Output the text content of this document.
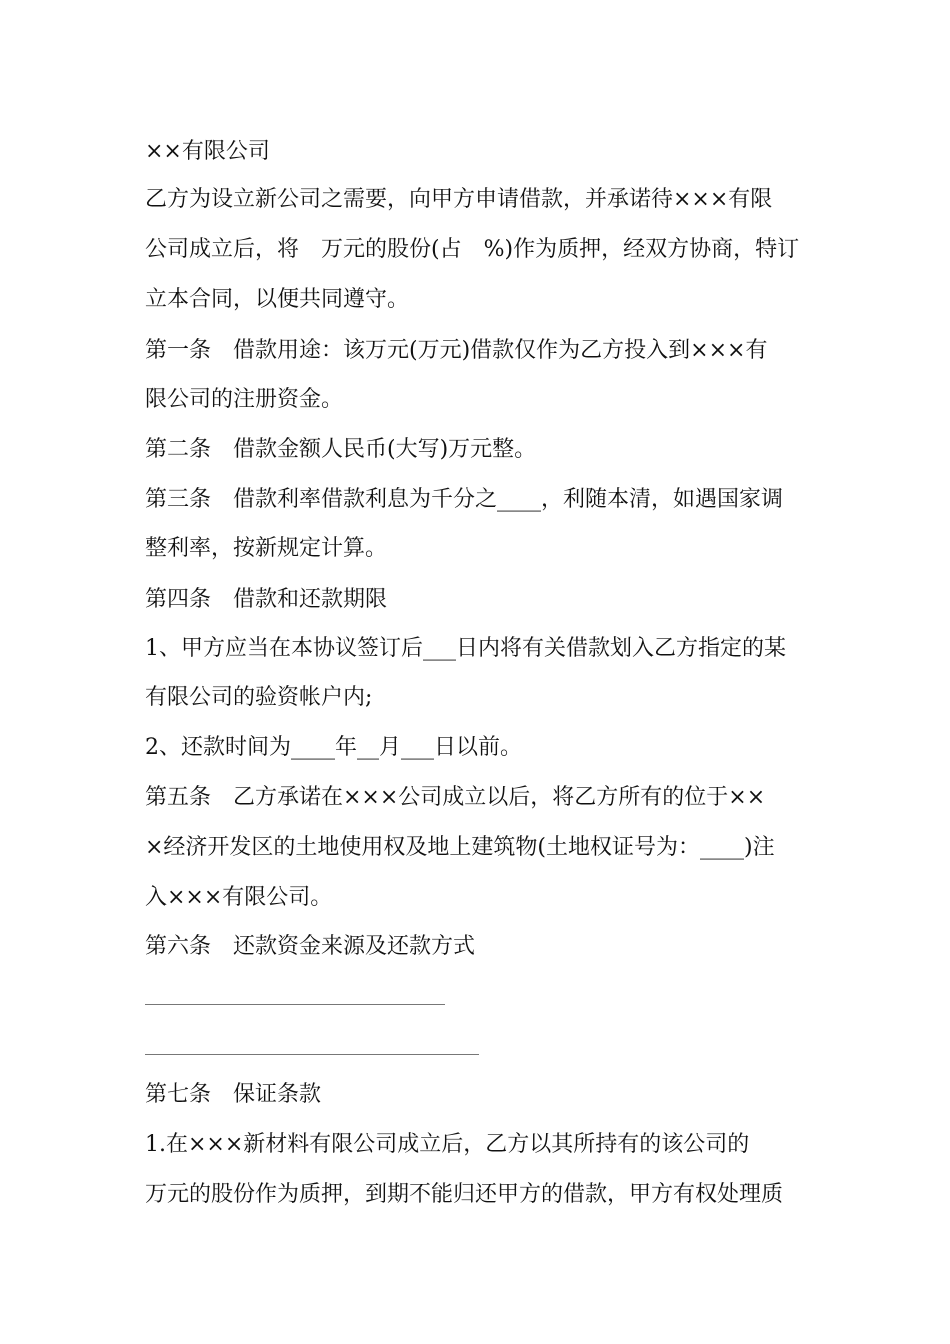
××有限公司
乙方为设立新公司之需要，向甲方申请借款，并承诺待×××有限
公司成立后，将　万元的股份(占　%)作为质押，经双方协商，特订
立本合同，以便共同遵守。
第一条　借款用途：该万元(万元)借款仅作为乙方投入到×××有
限公司的注册资金。
第二条　借款金额人民币(大写)万元整。
第三条　借款利率借款利息为千分之____，利随本清，如遇国家调
整利率，按新规定计算。
第四条　借款和还款期限
1、甲方应当在本协议签订后___日内将有关借款划入乙方指定的某
有限公司的验资帐户内;
2、还款时间为____年__月___日以前。
第五条　乙方承诺在×××公司成立以后，将乙方所有的位于××
×经济开发区的土地使用权及地上建筑物(土地权证号为：____)注
入×××有限公司。
第六条　还款资金来源及还款方式
第七条　保证条款
1.在×××新材料有限公司成立后，乙方以其所持有的该公司的
万元的股份作为质押，到期不能归还甲方的借款，甲方有权处理质
